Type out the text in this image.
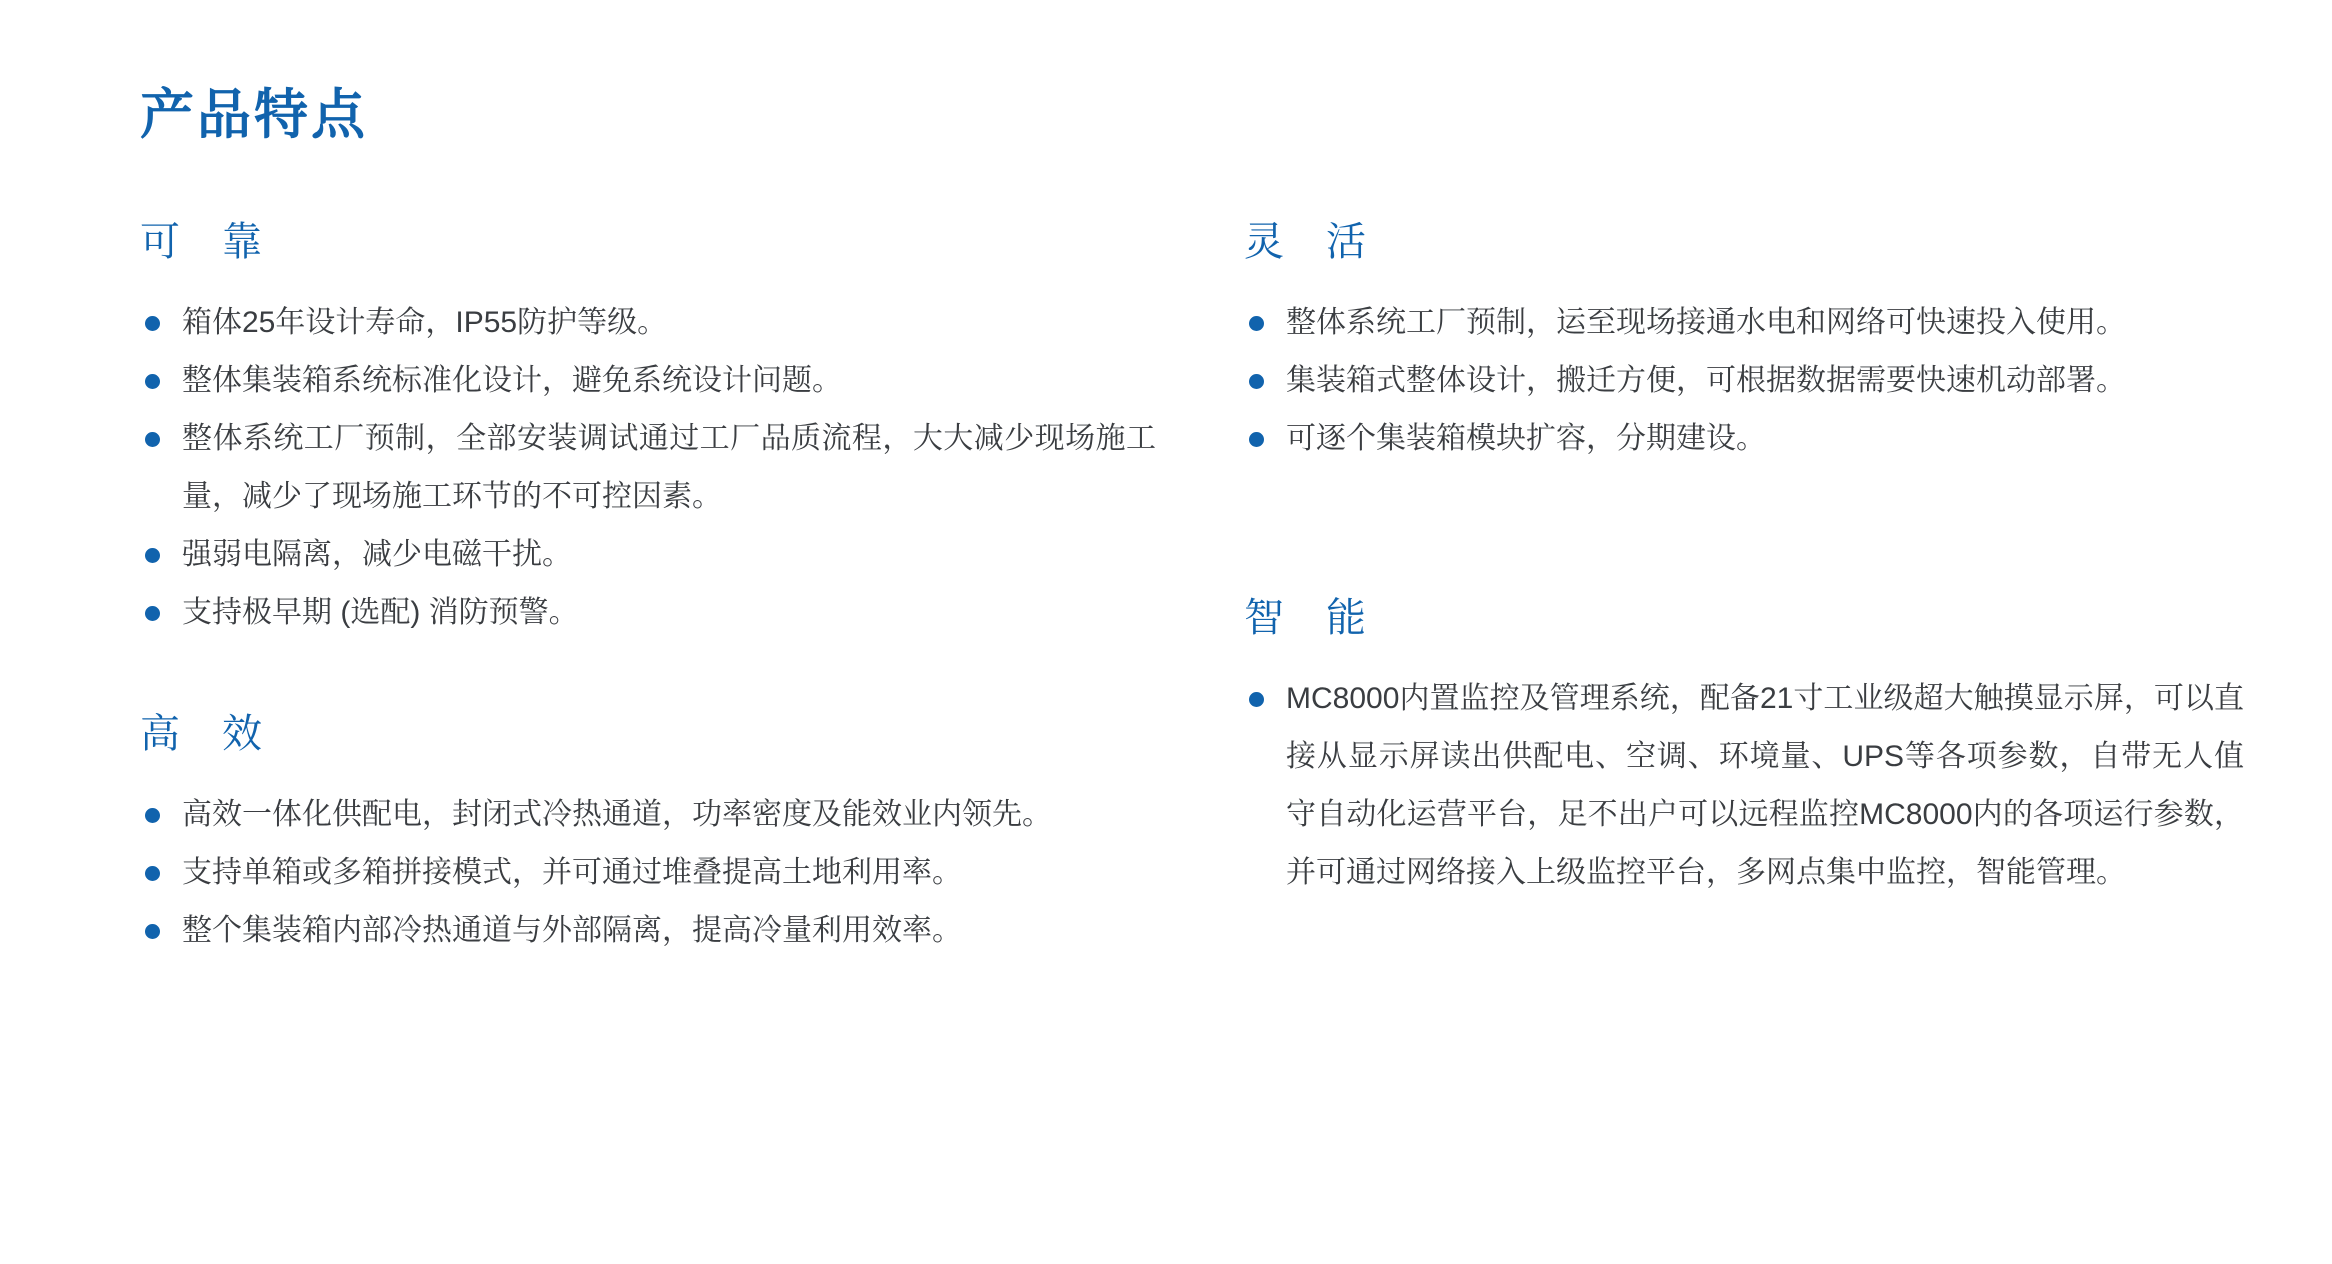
产品特点
可　靠
箱体25年设计寿命，IP55防护等级。
整体集装箱系统标准化设计，避免系统设计问题。
整体系统工厂预制，全部安装调试通过工厂品质流程，大大减少现场施工量，减少了现场施工环节的不可控因素。
强弱电隔离，减少电磁干扰。
支持极早期 (选配) 消防预警。
高　效
高效一体化供配电，封闭式冷热通道，功率密度及能效业内领先。
支持单箱或多箱拼接模式，并可通过堆叠提高土地利用率。
整个集装箱内部冷热通道与外部隔离，提高冷量利用效率。
灵　活
整体系统工厂预制，运至现场接通水电和网络可快速投入使用。
集装箱式整体设计，搬迁方便，可根据数据需要快速机动部署。
可逐个集装箱模块扩容，分期建设。
智　能
MC8000内置监控及管理系统，配备21寸工业级超大触摸显示屏，可以直接从显示屏读出供配电、空调、环境量、UPS等各项参数，自带无人值守自动化运营平台，足不出户可以远程监控MC8000内的各项运行参数，并可通过网络接入上级监控平台，多网点集中监控，智能管理。
